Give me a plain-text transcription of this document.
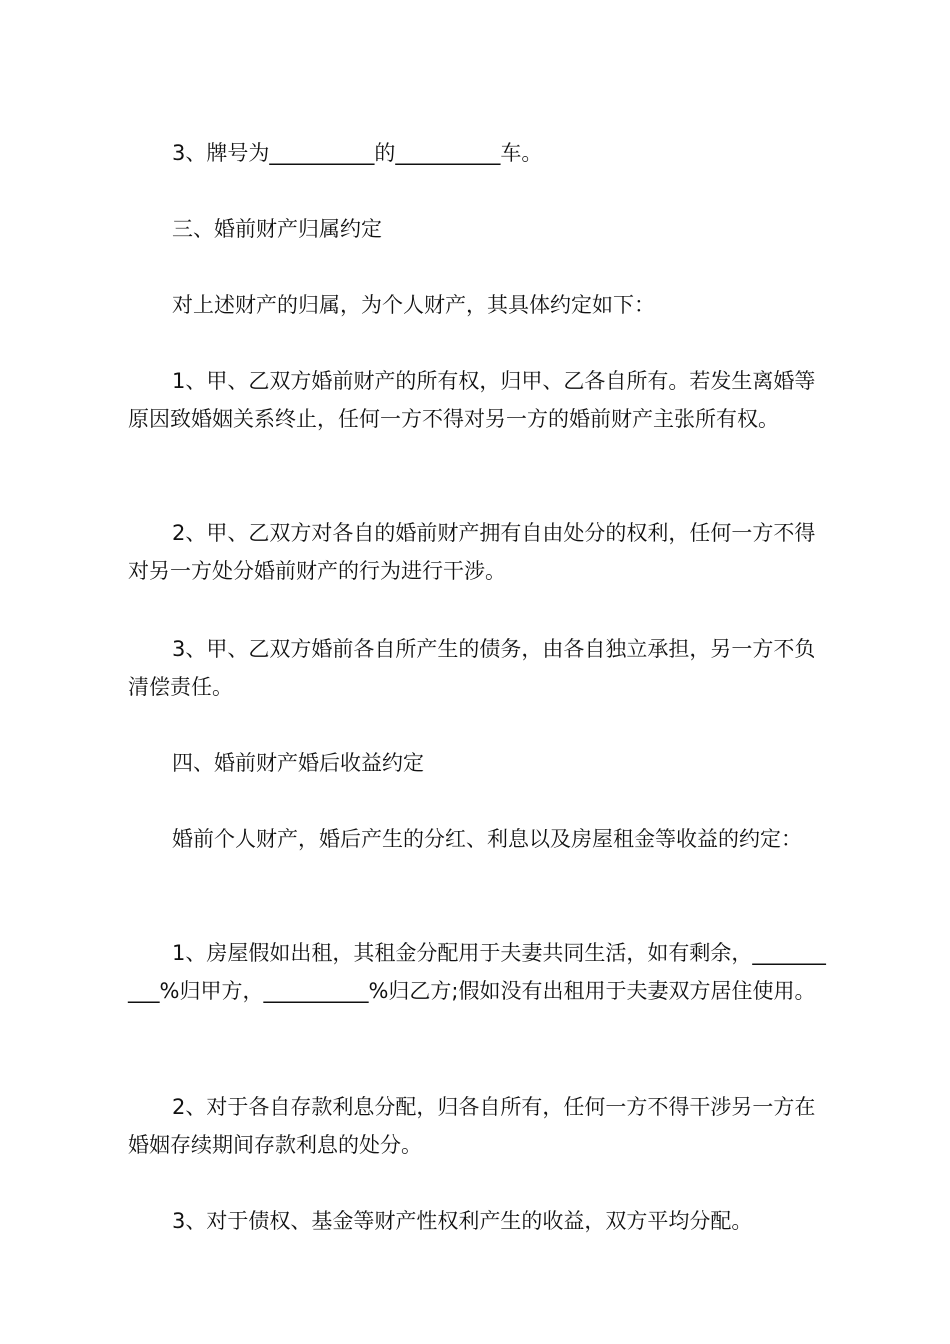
3、牌号为__________的__________车。

三、婚前财产归属约定

对上述财产的归属，为个人财产，其具体约定如下：

1、甲、乙双方婚前财产的所有权，归甲、乙各自所有。若发生离婚等原因致婚姻关系终止，任何一方不得对另一方的婚前财产主张所有权。

2、甲、乙双方对各自的婚前财产拥有自由处分的权利，任何一方不得对另一方处分婚前财产的行为进行干涉。

3、甲、乙双方婚前各自所产生的债务，由各自独立承担，另一方不负清偿责任。

四、婚前财产婚后收益约定

婚前个人财产，婚后产生的分红、利息以及房屋租金等收益的约定：

1、房屋假如出租，其租金分配用于夫妻共同生活，如有剩余，__________%归甲方，__________%归乙方;假如没有出租用于夫妻双方居住使用。

2、对于各自存款利息分配，归各自所有，任何一方不得干涉另一方在婚姻存续期间存款利息的处分。

3、对于债权、基金等财产性权利产生的收益，双方平均分配。
